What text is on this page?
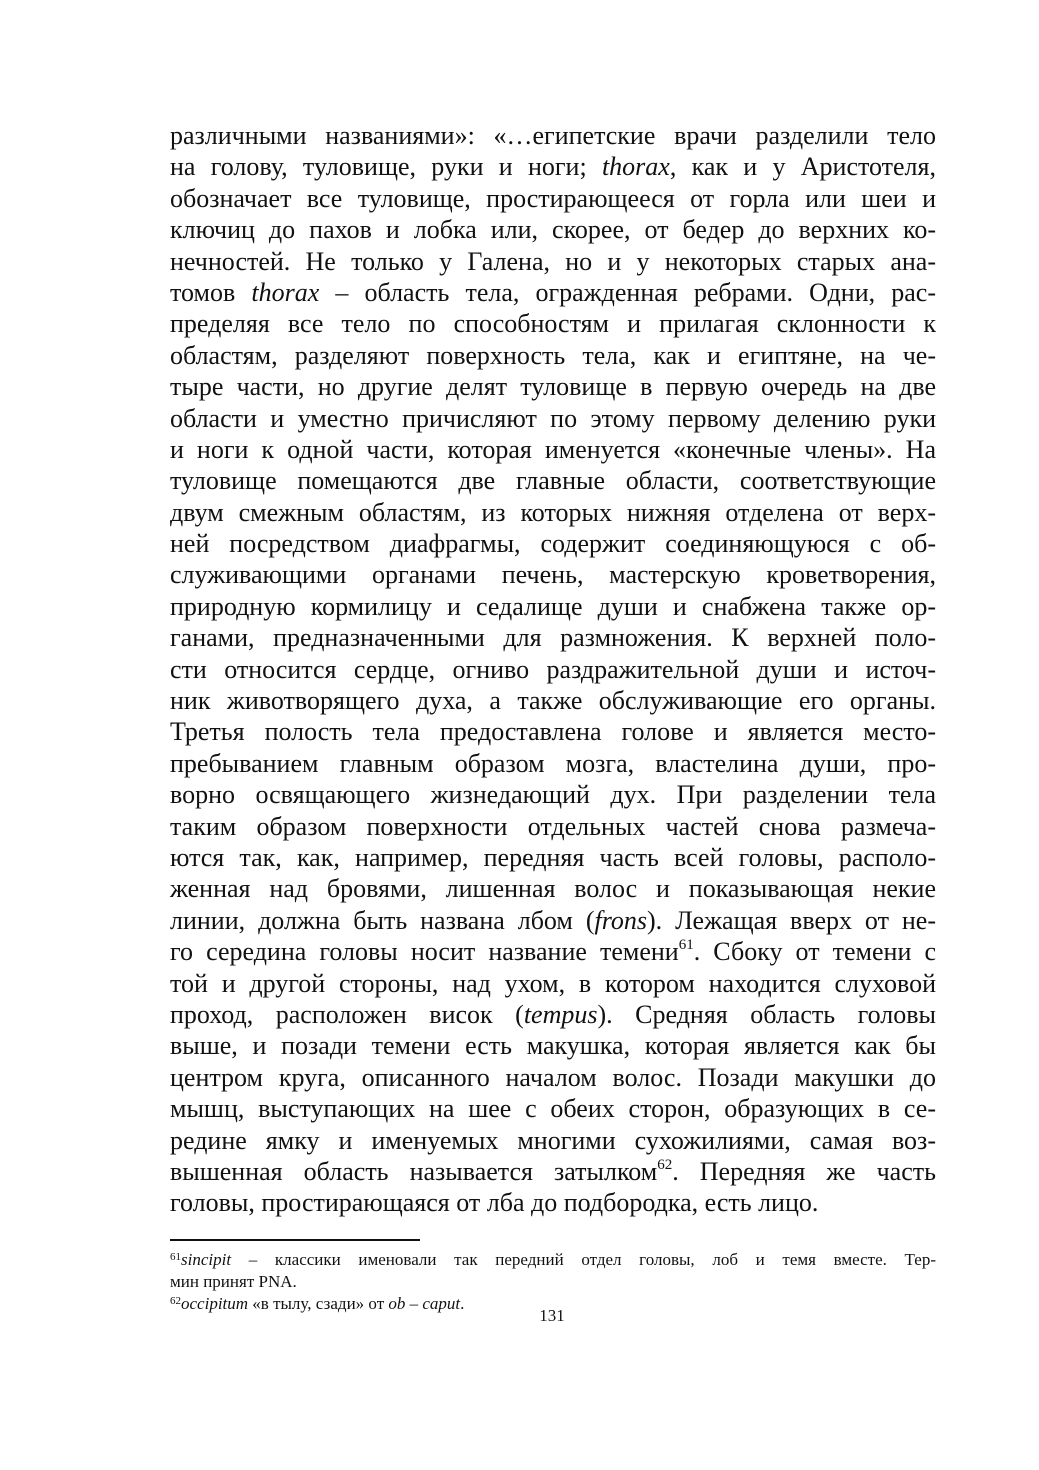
различными названиями»: «…египетские врачи разделили тело
на голову, туловище, руки и ноги; thorax, как и у Аристотеля,
обозначает все туловище, простирающееся от горла или шеи и
ключиц до пахов и лобка или, скорее, от бедер до верхних ко-
нечностей. Не только у Галена, но и у некоторых старых ана-
томов thorax – область тела, огражденная ребрами. Одни, рас-
пределяя все тело по способностям и прилагая склонности к
областям, разделяют поверхность тела, как и египтяне, на че-
тыре части, но другие делят туловище в первую очередь на две
области и уместно причисляют по этому первому делению руки
и ноги к одной части, которая именуется «конечные члены». На
туловище помещаются две главные области, соответствующие
двум смежным областям, из которых нижняя отделена от верх-
ней посредством диафрагмы, содержит соединяющуюся с об-
служивающими органами печень, мастерскую кроветворения,
природную кормилицу и седалище души и снабжена также ор-
ганами, предназначенными для размножения. К верхней поло-
сти относится сердце, огниво раздражительной души и источ-
ник животворящего духа, а также обслуживающие его органы.
Третья полость тела предоставлена голове и является место-
пребыванием главным образом мозга, властелина души, про-
ворно освящающего жизнедающий дух. При разделении тела
таким образом поверхности отдельных частей снова размеча-
ются так, как, например, передняя часть всей головы, располо-
женная над бровями, лишенная волос и показывающая некие
линии, должна быть названа лбом (frons). Лежащая вверх от не-
го середина головы носит название темени$^{61}$. Сбоку от темени с
той и другой стороны, над ухом, в котором находится слуховой
проход, расположен висок (tempus). Средняя область головы
выше, и позади темени есть макушка, которая является как бы
центром круга, описанного началом волос. Позади макушки до
мышц, выступающих на шее с обеих сторон, образующих в се-
редине ямку и именуемых многими сухожилиями, самая воз-
вышенная область называется затылком$^{62}$. Передняя же часть
головы, простирающаяся от лба до подбородка, есть лицо.
$^{61}$sincipit – классики именовали так передний отдел головы, лоб и темя вместе. Тер-
мин принят PNA.
$^{62}$occipitum «в тылу, сзади» от ob – caput.
131
